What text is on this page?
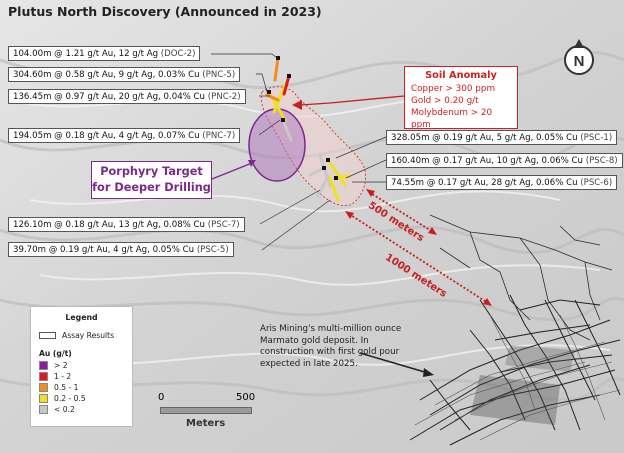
Plutus North Discovery (Announced in 2023)
104.00m @ 1.21 g/t Au, 12 g/t Ag (DOC-2)
304.60m @ 0.58 g/t Au, 9 g/t Ag, 0.03% Cu (PNC-5)
136.45m @ 0.97 g/t Au, 20 g/t Ag, 0.04% Cu (PNC-2)
194.05m @ 0.18 g/t Au, 4 g/t Ag, 0.07% Cu (PNC-7)	328.05m @ 0.19 g/t Au, 5 g/t Ag, 0.05% Cu (PSC-1)
160.40m @ 0.17 g/t Au, 10 g/t Ag, 0.06% Cu (PSC-8)
74.55m @ 0.17 g/t Au, 28 g/t Ag, 0.06% Cu (PSC-6)
126.10m @ 0.18 g/t Au, 13 g/t Ag, 0.08% Cu (PSC-7)
39.70m @ 0.19 g/t Au, 4 g/t Ag, 0.05% Cu (PSC-5)
Porphyry Target
for Deeper Drilling
Soil Anomaly
Copper > 300 ppm
Gold > 0.20 g/t
Molybdenum > 20 ppm
500 meters
1000 meters
Aris Mining's multi-million ounce Marmato gold deposit. In construction with first gold pour expected in late 2025.
Legend
Assay Results
Au (g/t)
> 2
1 - 2
0.5 - 1
0.2 - 0.5
< 0.2
0	500
Meters
N
